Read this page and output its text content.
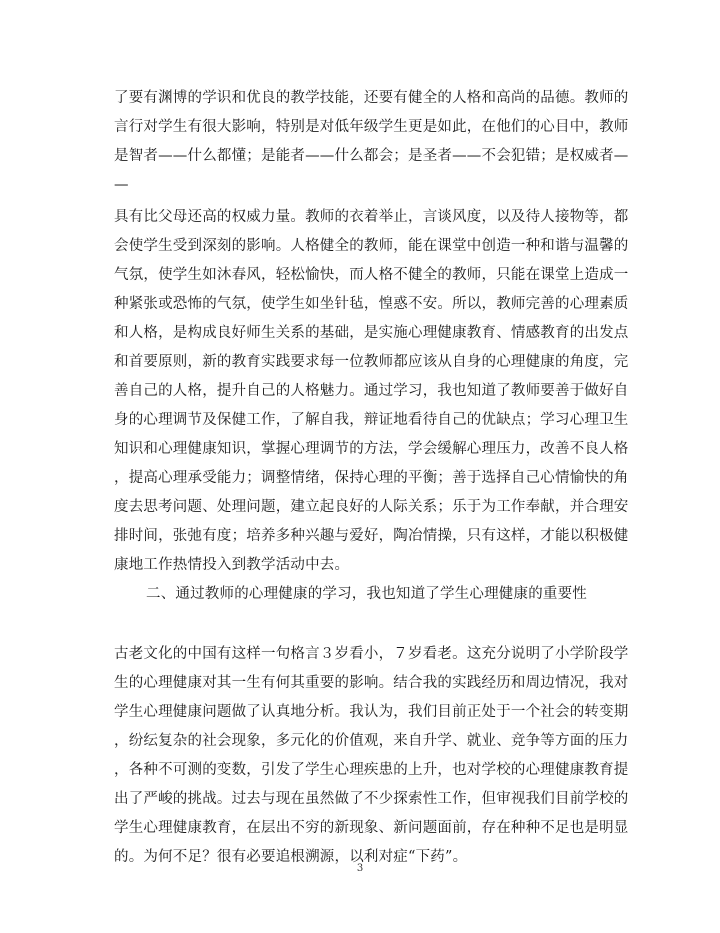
了要有渊博的学识和优良的教学技能，还要有健全的人格和高尚的品德。教师的
言行对学生有很大影响，特别是对低年级学生更是如此，在他们的心目中，教师
是智者——什么都懂；是能者——什么都会；是圣者——不会犯错；是权威者—
—
具有比父母还高的权威力量。教师的衣着举止，言谈风度，以及待人接物等，都
会使学生受到深刻的影响。人格健全的教师，能在课堂中创造一种和谐与温馨的
气氛，使学生如沐春风，轻松愉快，而人格不健全的教师，只能在课堂上造成一
种紧张或恐怖的气氛，使学生如坐针毡，惶惑不安。所以，教师完善的心理素质
和人格，是构成良好师生关系的基础，是实施心理健康教育、情感教育的出发点
和首要原则，新的教育实践要求每一位教师都应该从自身的心理健康的角度，完
善自己的人格，提升自己的人格魅力。通过学习，我也知道了教师要善于做好自
身的心理调节及保健工作，了解自我，辩证地看待自己的优缺点；学习心理卫生
知识和心理健康知识，掌握心理调节的方法，学会缓解心理压力，改善不良人格
，提高心理承受能力；调整情绪，保持心理的平衡；善于选择自己心情愉快的角
度去思考问题、处理问题，建立起良好的人际关系；乐于为工作奉献，并合理安
排时间，张弛有度；培养多种兴趣与爱好，陶冶情操，只有这样，才能以积极健
康地工作热情投入到教学活动中去。
二、通过教师的心理健康的学习，我也知道了学生心理健康的重要性
古老文化的中国有这样一句格言３岁看小，７岁看老。这充分说明了小学阶段学
生的心理健康对其一生有何其重要的影响。结合我的实践经历和周边情况，我对
学生心理健康问题做了认真地分析。我认为，我们目前正处于一个社会的转变期
，纷纭复杂的社会现象，多元化的价值观，来自升学、就业、竞争等方面的压力
，各种不可测的变数，引发了学生心理疾患的上升，也对学校的心理健康教育提
出了严峻的挑战。过去与现在虽然做了不少探索性工作，但审视我们目前学校的
学生心理健康教育，在层出不穷的新现象、新问题面前，存在种种不足也是明显
的。为何不足？很有必要追根溯源，以利对症“下药”。
3
